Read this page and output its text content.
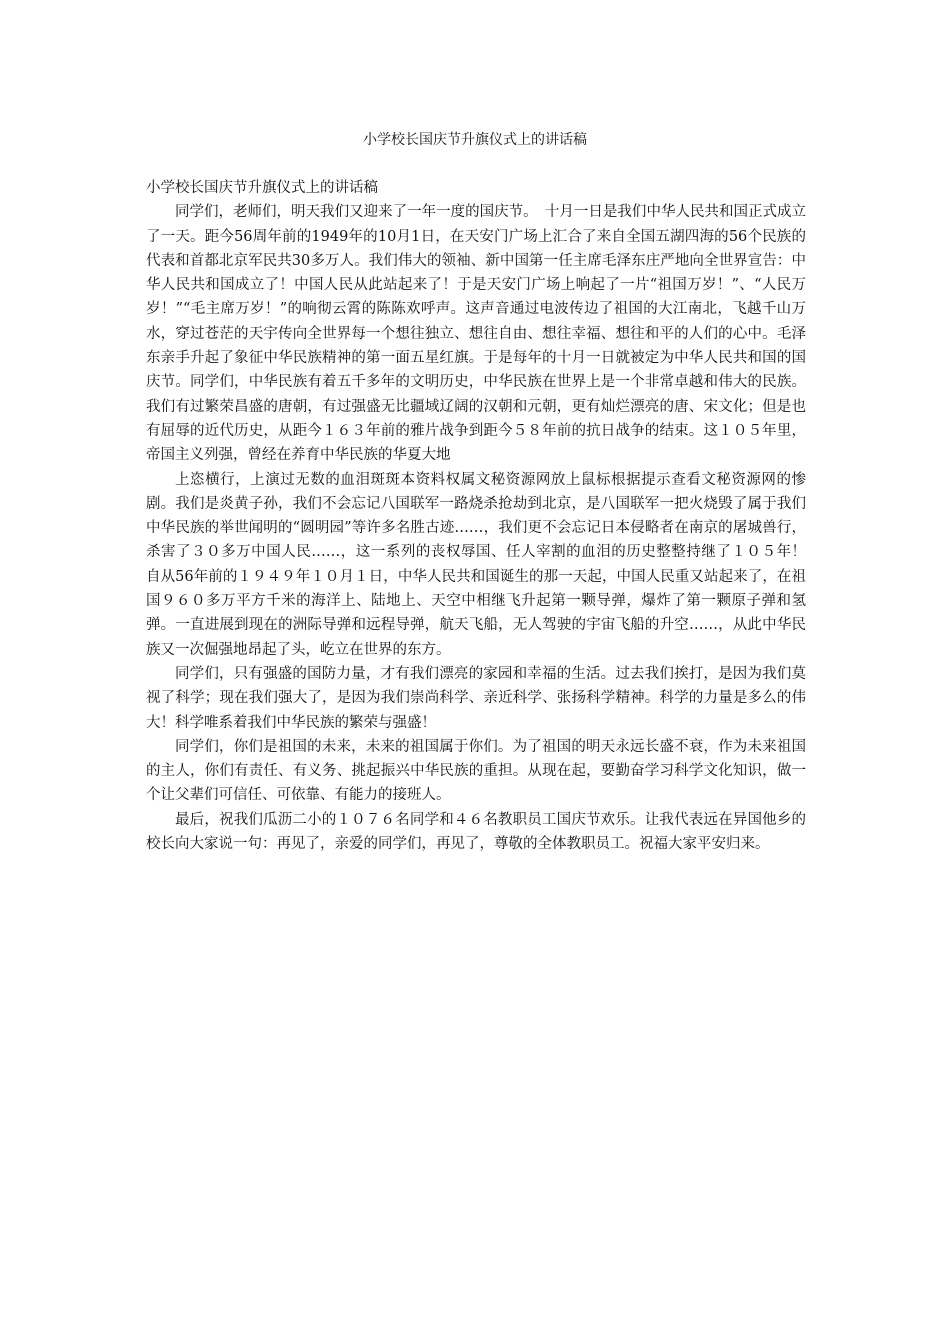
小学校长国庆节升旗仪式上的讲话稿

小学校长国庆节升旗仪式上的讲话稿

同学们，老师们，明天我们又迎来了一年一度的国庆节。　十月一日是我们中华人民共和国正式成立了一天。距今56周年前的1949年的10月1日，在天安门广场上汇合了来自全国五湖四海的56个民族的代表和首都北京军民共30多万人。我们伟大的领袖、新中国第一任主席毛泽东庄严地向全世界宣告：中华人民共和国成立了！中国人民从此站起来了！于是天安门广场上响起了一片“祖国万岁！”、“人民万岁！”“毛主席万岁！”的响彻云霄的陈陈欢呼声。这声音通过电波传边了祖国的大江南北，飞越千山万水，穿过苍茫的天宇传向全世界每一个想往独立、想往自由、想往幸福、想往和平的人们的心中。毛泽东亲手升起了象征中华民族精神的第一面五星红旗。于是每年的十月一日就被定为中华人民共和国的国庆节。同学们，中华民族有着五千多年的文明历史，中华民族在世界上是一个非常卓越和伟大的民族。我们有过繁荣昌盛的唐朝，有过强盛无比疆域辽阔的汉朝和元朝，更有灿烂漂亮的唐、宋文化；但是也有屈辱的近代历史，从距今１６３年前的雅片战争到距今５８年前的抗日战争的结束。这１０５年里，帝国主义列强，曾经在养育中华民族的华夏大地

上恣横行，上演过无数的血泪斑斑本资料权属文秘资源网放上鼠标根据提示查看文秘资源网的惨剧。我们是炎黄子孙，我们不会忘记八国联军一路烧杀抢劫到北京，是八国联军一把火烧毁了属于我们中华民族的举世闻明的“圆明园”等许多名胜古迹……，我们更不会忘记日本侵略者在南京的屠城兽行，杀害了３０多万中国人民……，这一系列的丧权辱国、任人宰割的血泪的历史整整持继了１０５年！　自从56年前的１９４９年１０月１日，中华人民共和国诞生的那一天起，中国人民重又站起来了，在祖国９６０多万平方千米的海洋上、陆地上、天空中相继飞升起第一颗导弹，爆炸了第一颗原子弹和氢弹。一直进展到现在的洲际导弹和远程导弹，航天飞船，无人驾驶的宇宙飞船的升空……，从此中华民族又一次倔强地昂起了头，屹立在世界的东方。

同学们，只有强盛的国防力量，才有我们漂亮的家园和幸福的生活。过去我们挨打，是因为我们莫视了科学；现在我们强大了，是因为我们崇尚科学、亲近科学、张扬科学精神。科学的力量是多么的伟大！科学唯系着我们中华民族的繁荣与强盛！

同学们，你们是祖国的未来，未来的祖国属于你们。为了祖国的明天永远长盛不衰，作为未来祖国的主人，你们有责任、有义务、挑起振兴中华民族的重担。从现在起，要勤奋学习科学文化知识，做一个让父辈们可信任、可依靠、有能力的接班人。

最后，祝我们瓜沥二小的１０７６名同学和４６名教职员工国庆节欢乐。让我代表远在异国他乡的校长向大家说一句：再见了，亲爱的同学们，再见了，尊敬的全体教职员工。祝福大家平安归来。
